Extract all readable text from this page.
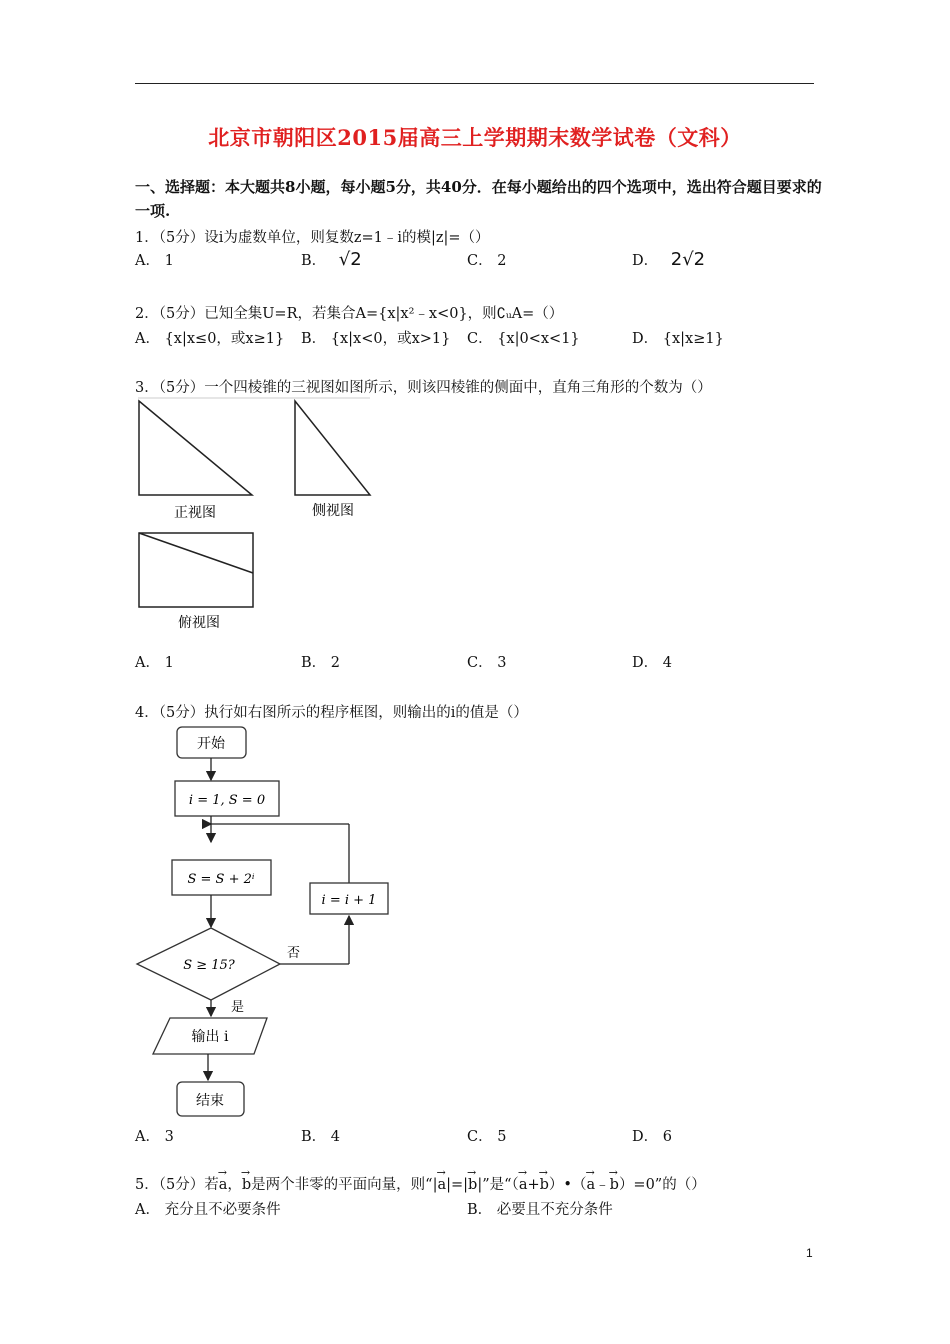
北京市朝阳区2015届高三上学期期末数学试卷（文科）
一、选择题：本大题共8小题，每小题5分，共40分．在每小题给出的四个选项中，选出符合题目要求的一项.
1．（5分）设i为虚数单位，则复数z=1﹣i的模|z|=（）
A． 1	B． √2	C． 2	D． 2√2
2．（5分）已知全集U=R，若集合A={x|x²﹣x<0}，则∁ᵤA=（）
A． {x|x≤0，或x≥1} B． {x|x<0，或x>1} C． {x|0<x<1}	D． {x|x≥1}
3．（5分）一个四棱锥的三视图如图所示，则该四棱锥的侧面中，直角三角形的个数为（）
正视图	侧视图
俯视图
A． 1	B． 2	C． 3	D． 4
4．（5分）执行如右图所示的程序框图，则输出的i的值是（）
开始
i = 1, S = 0
S = S + 2ⁱ
i = i + 1
S ≥ 15?
否
是
输出 i
结束
A． 3	B． 4	C． 5	D． 6
5．（5分）若→ a，→ b是两个非零的平面向量，则“|→ a|=|→ b|”是“（→ a+→ b）•（→ a﹣→ b）=0”的（）
A． 充分且不必要条件	B． 必要且不充分条件
1
